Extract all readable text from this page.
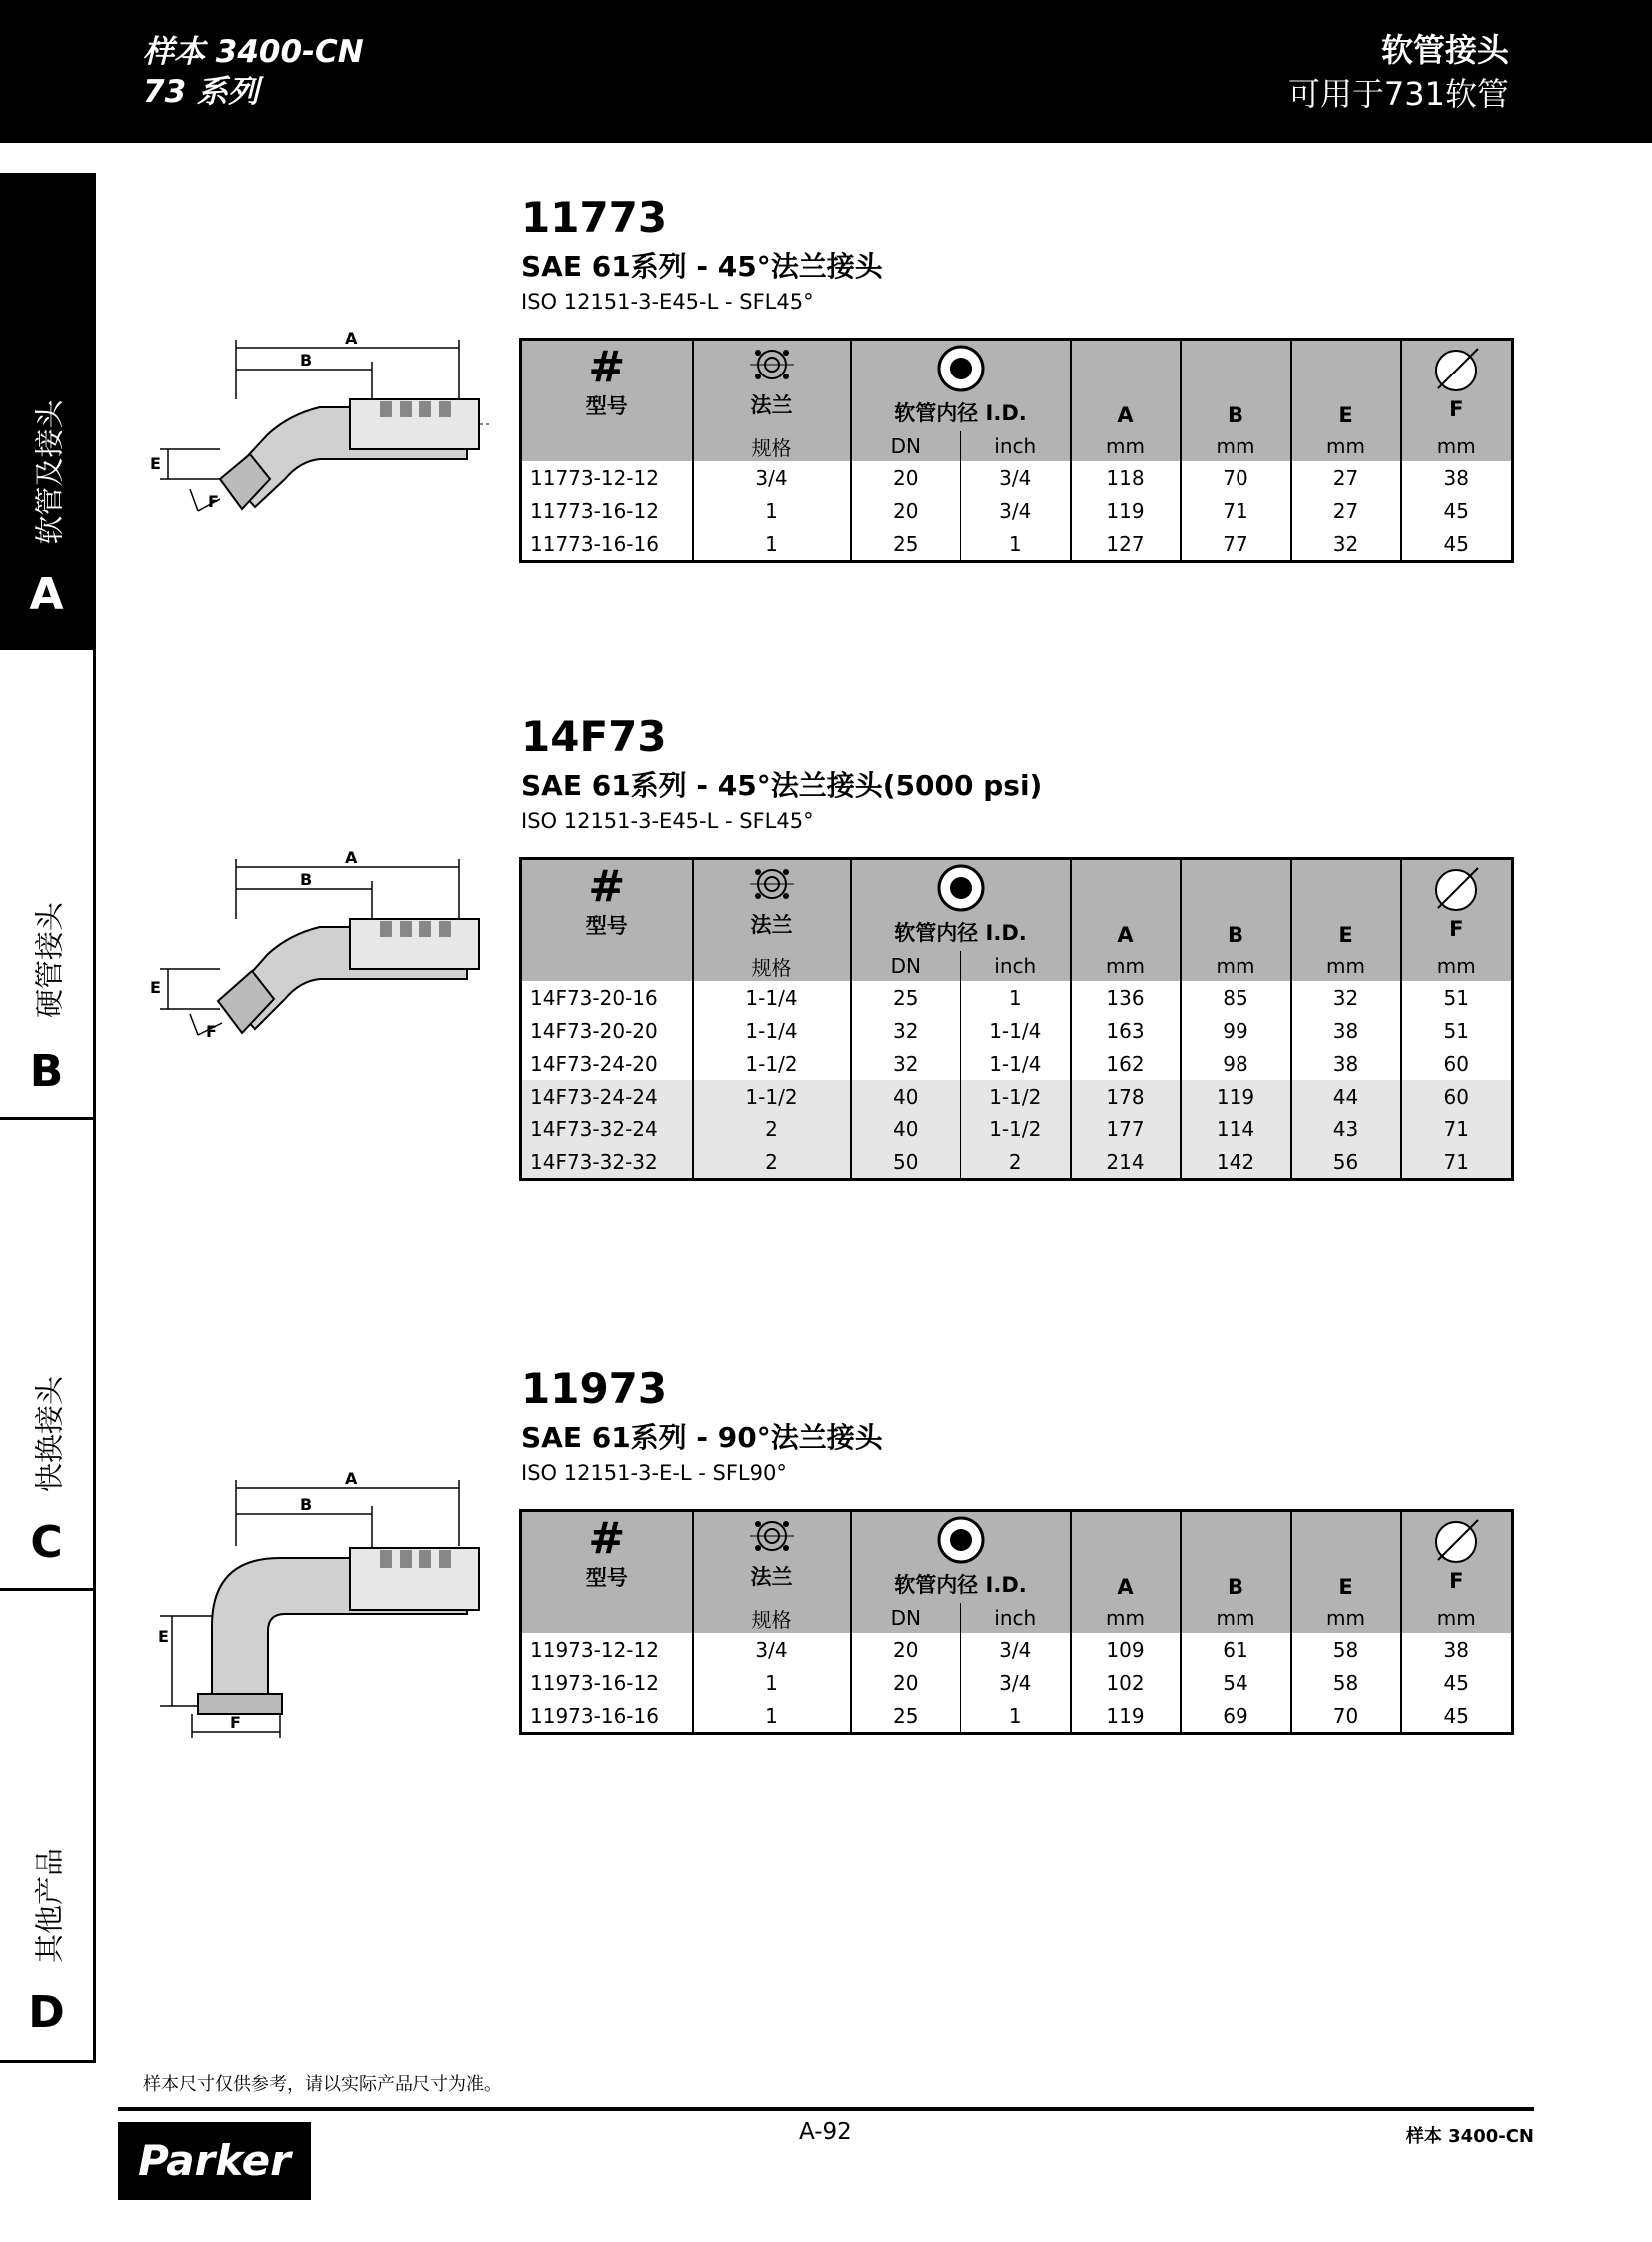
样本 3400-CN
73 系列
软管接头
可用于731软管
软管及接头
A
硬管接头
B
快换接头
C
其他产品
D
11773
SAE 61系列 - 45°法兰接头
ISO 12151-3-E45-L - SFL45°
A
B
E
F
#
型号	法兰	软管内径 I.D.		A	B	E	F

	规格	DN	inch	mm	mm	mm	mm
11773-12-12	3/4	20	3/4	118	70	27	38
11773-16-12	1	20	3/4	119	71	27	45
11773-16-16	1	25	1	127	77	32	45
14F73
SAE 61系列 - 45°法兰接头(5000 psi)
ISO 12151-3-E45-L - SFL45°
A
B
E
F
#
型号	法兰	软管内径 I.D.		A	B	E	F

	规格	DN	inch	mm	mm	mm	mm
14F73-20-16	1-1/4	25	1	136	85	32	51
14F73-20-20	1-1/4	32	1-1/4	163	99	38	51
14F73-24-20	1-1/2	32	1-1/4	162	98	38	60
14F73-24-24	1-1/2	40	1-1/2	178	119	44	60
14F73-32-24	2	40	1-1/2	177	114	43	71
14F73-32-32	2	50	2	214	142	56	71
11973
SAE 61系列 - 90°法兰接头
ISO 12151-3-E-L - SFL90°
A
B
E
F
#
型号	法兰	软管内径 I.D.		A	B	E	F

	规格	DN	inch	mm	mm	mm	mm
11973-12-12	3/4	20	3/4	109	61	58	38
11973-16-12	1	20	3/4	102	54	58	45
11973-16-16	1	25	1	119	69	70	45
样本尺寸仅供参考，请以实际产品尺寸为准。
Parker
A-92	样本 3400-CN
